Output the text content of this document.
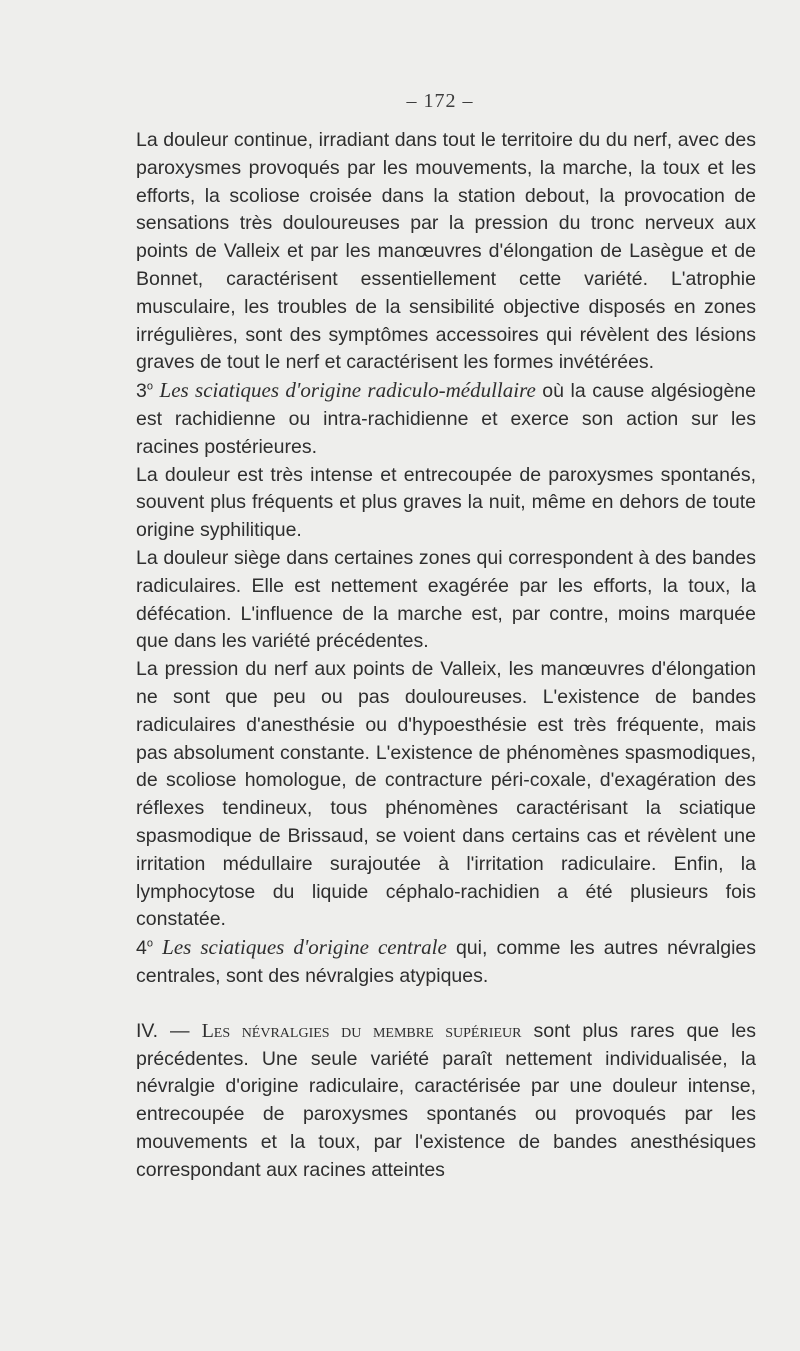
– 172 –

La douleur continue, irradiant dans tout le territoire du du nerf, avec des paroxysmes provoqués par les mouvements, la marche, la toux et les efforts, la scoliose croisée dans la station debout, la provocation de sensations très douloureuses par la pression du tronc nerveux aux points de Valleix et par les manœuvres d'élongation de Lasègue et de Bonnet, caractérisent essentiellement cette variété. L'atrophie musculaire, les troubles de la sensibilité objective disposés en zones irrégulières, sont des symptômes accessoires qui révèlent des lésions graves de tout le nerf et caractérisent les formes invétérées.

3$^o$ Les sciatiques d'origine radiculo-médullaire où la cause algésiogène est rachidienne ou intra-rachidienne et exerce son action sur les racines postérieures.

La douleur est très intense et entrecoupée de paroxysmes spontanés, souvent plus fréquents et plus graves la nuit, même en dehors de toute origine syphilitique.

La douleur siège dans certaines zones qui correspondent à des bandes radiculaires. Elle est nettement exagérée par les efforts, la toux, la défécation. L'influence de la marche est, par contre, moins marquée que dans les variété précédentes.

La pression du nerf aux points de Valleix, les manœuvres d'élongation ne sont que peu ou pas douloureuses. L'existence de bandes radiculaires d'anesthésie ou d'hypoesthésie est très fréquente, mais pas absolument constante. L'existence de phénomènes spasmodiques, de scoliose homologue, de contracture péri-coxale, d'exagération des réflexes tendineux, tous phénomènes caractérisant la sciatique spasmodique de Brissaud, se voient dans certains cas et révèlent une irritation médullaire surajoutée à l'irritation radiculaire. Enfin, la lymphocytose du liquide céphalo-rachidien a été plusieurs fois constatée.

4$^o$ Les sciatiques d'origine centrale qui, comme les autres névralgies centrales, sont des névralgies atypiques.

IV. — Les névralgies du membre supérieur sont plus rares que les précédentes. Une seule variété paraît nettement individualisée, la névralgie d'origine radiculaire, caractérisée par une douleur intense, entrecoupée de paroxysmes spontanés ou provoqués par les mouvements et la toux, par l'existence de bandes anesthésiques correspondant aux racines atteintes
